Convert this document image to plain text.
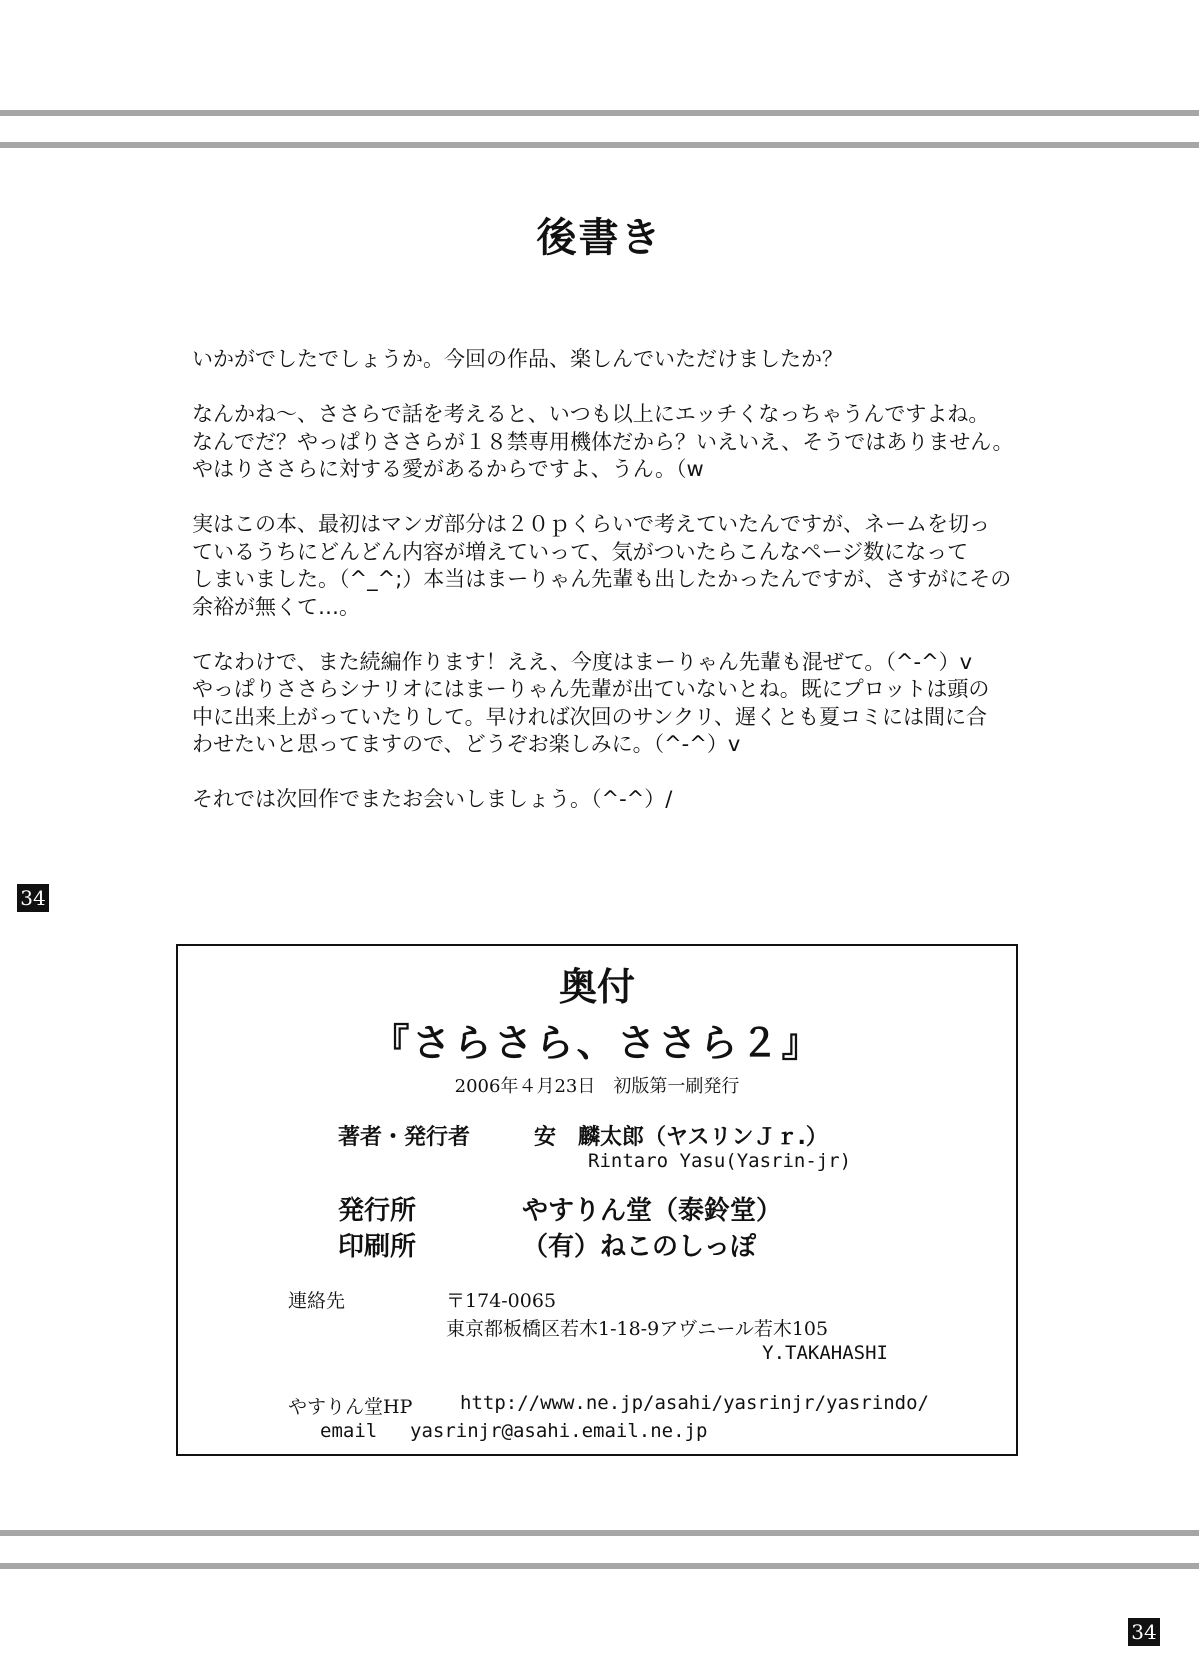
後書き

いかがでしたでしょうか。今回の作品、楽しんでいただけましたか？

なんかね～、ささらで話を考えると、いつも以上にエッチくなっちゃうんですよね。
なんでだ？やっぱりささらが１８禁専用機体だから？いえいえ、そうではありません。
やはりささらに対する愛があるからですよ、うん。（w

実はこの本、最初はマンガ部分は２０ｐくらいで考えていたんですが、ネームを切っ
ているうちにどんどん内容が増えていって、気がついたらこんなページ数になって
しまいました。（^_^;）本当はまーりゃん先輩も出したかったんですが、さすがにその
余裕が無くて…。

てなわけで、また続編作ります！ええ、今度はまーりゃん先輩も混ぜて。（^-^）v
やっぱりささらシナリオにはまーりゃん先輩が出ていないとね。既にプロットは頭の
中に出来上がっていたりして。早ければ次回のサンクリ、遅くとも夏コミには間に合
わせたいと思ってますので、どうぞお楽しみに。（^-^）v

それでは次回作でまたお会いしましょう。（^-^）/

34
奥付
『さらさら、ささら２』
2006年４月23日　初版第一刷発行
著者・発行者	安　麟太郎（ヤスリンＪｒ.）
Rintaro Yasu(Yasrin-jr)
発行所	やすりん堂（泰鈴堂）
印刷所	（有）ねこのしっぽ
連絡先	〒174-0065
東京都板橋区若木1-18-9アヴニール若木105
Y.TAKAHASHI
やすりん堂HP	http://www.ne.jp/asahi/yasrinjr/yasrindo/
email yasrinjr@asahi.email.ne.jp
34
